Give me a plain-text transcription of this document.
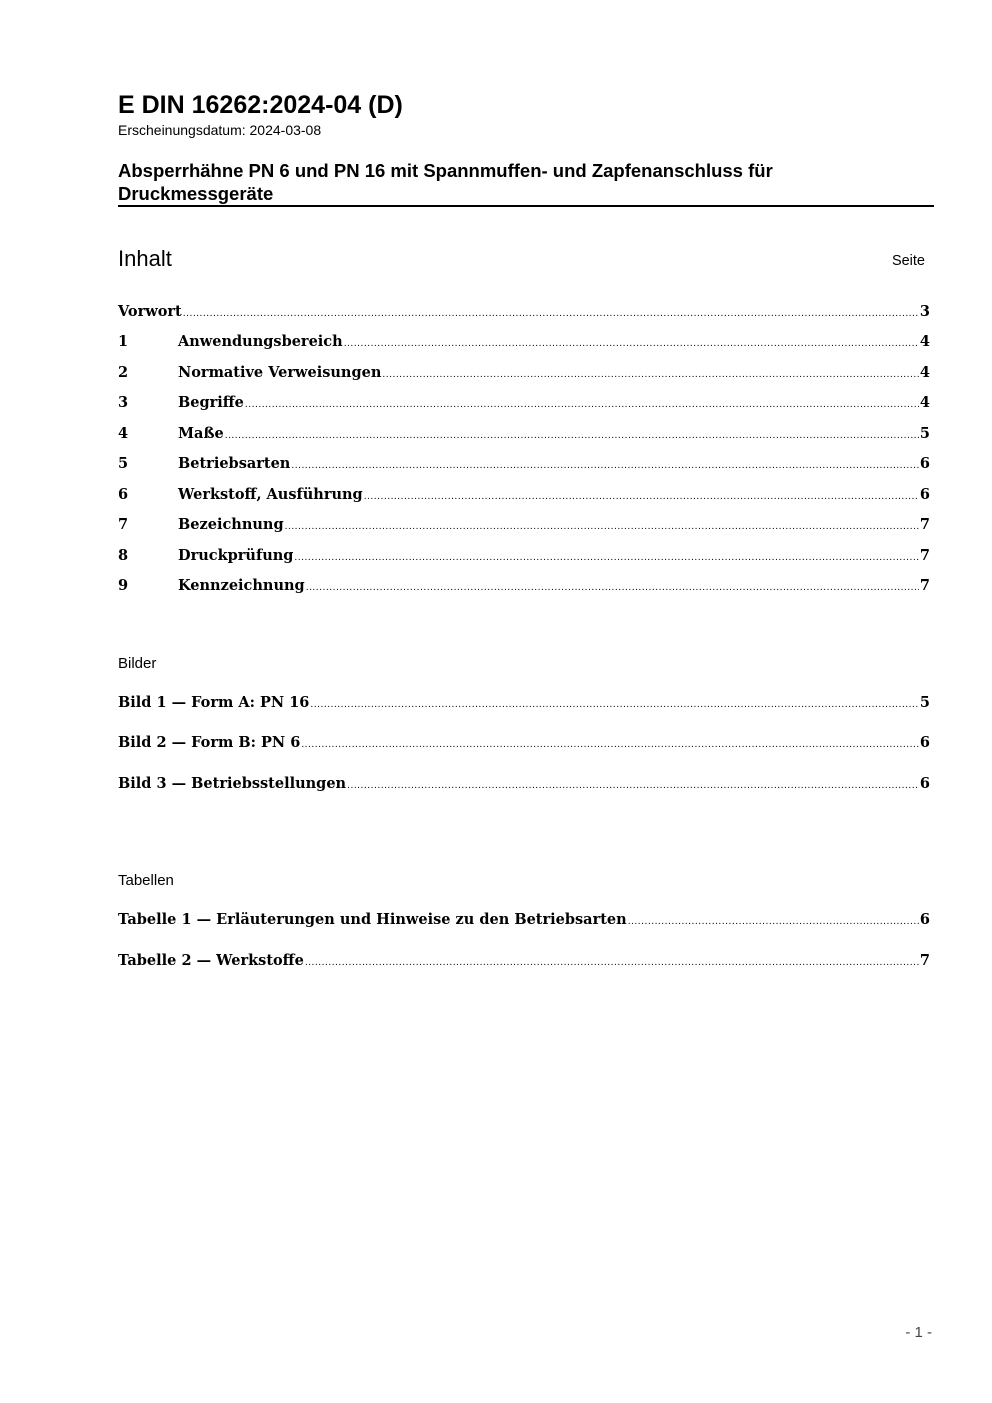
E DIN 16262:2024-04 (D)
Erscheinungsdatum: 2024-03-08
Absperrhähne PN 6 und PN 16 mit Spannmuffen- und Zapfenanschluss für Druckmessgeräte
Inhalt	Seite
Vorwort .....	3
1	Anwendungsbereich .....	4
2	Normative Verweisungen .....	4
3	Begriffe .....	4
4	Maße .....	5
5	Betriebsarten .....	6
6	Werkstoff, Ausführung .....	6
7	Bezeichnung .....	7
8	Druckprüfung .....	7
9	Kennzeichnung .....	7
Bilder
Bild 1 — Form A: PN 16 .....	5
Bild 2 — Form B: PN 6 .....	6
Bild 3 — Betriebsstellungen .....	6
Tabellen
Tabelle 1 — Erläuterungen und Hinweise zu den Betriebsarten .....	6
Tabelle 2 — Werkstoffe .....	7
- 1 -
